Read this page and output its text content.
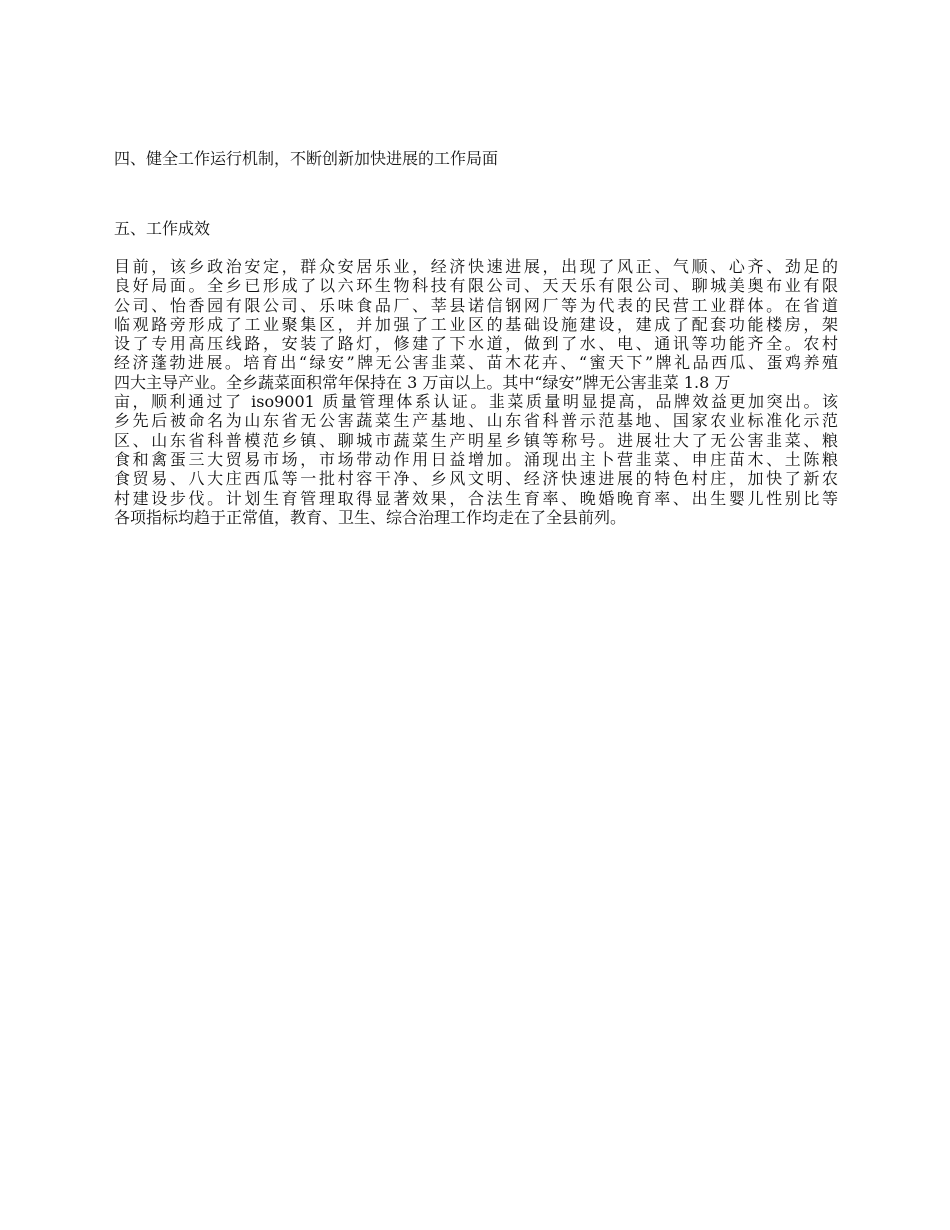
四、健全工作运行机制，不断创新加快进展的工作局面
五、工作成效

目前，该乡政治安定，群众安居乐业，经济快速进展，出现了风正、气顺、心齐、劲足的
良好局面。全乡已形成了以六环生物科技有限公司、天天乐有限公司、聊城美奥布业有限
公司、怡香园有限公司、乐味食品厂、莘县诺信钢网厂等为代表的民营工业群体。在省道
临观路旁形成了工业聚集区，并加强了工业区的基础设施建设，建成了配套功能楼房，架
设了专用高压线路，安装了路灯，修建了下水道，做到了水、电、通讯等功能齐全。农村
经济蓬勃进展。培育出“绿安”牌无公害韭菜、苗木花卉、“蜜天下”牌礼品西瓜、蛋鸡养殖
四大主导产业。全乡蔬菜面积常年保持在 3 万亩以上。其中“绿安”牌无公害韭菜 1.8 万
亩，顺利通过了 iso9001 质量管理体系认证。韭菜质量明显提高，品牌效益更加突出。该
乡先后被命名为山东省无公害蔬菜生产基地、山东省科普示范基地、国家农业标准化示范
区、山东省科普模范乡镇、聊城市蔬菜生产明星乡镇等称号。进展壮大了无公害韭菜、粮
食和禽蛋三大贸易市场，市场带动作用日益增加。涌现出主卜营韭菜、申庄苗木、土陈粮
食贸易、八大庄西瓜等一批村容干净、乡风文明、经济快速进展的特色村庄，加快了新农
村建设步伐。计划生育管理取得显著效果，合法生育率、晚婚晚育率、出生婴儿性别比等
各项指标均趋于正常值，教育、卫生、综合治理工作均走在了全县前列。
